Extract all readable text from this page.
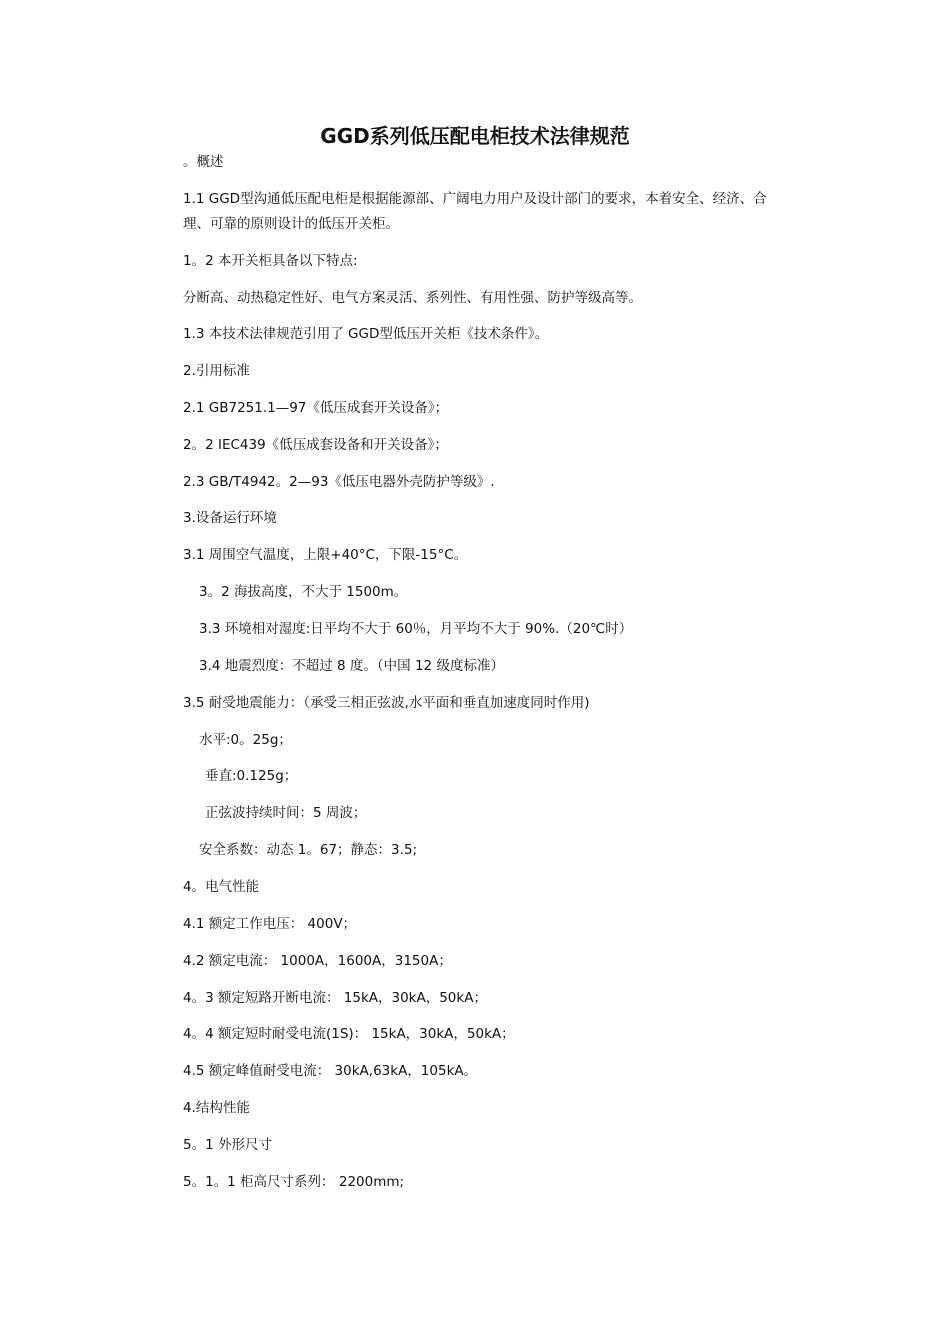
GGD系列低压配电柜技术法律规范
。概述
1.1 GGD型沟通低压配电柜是根据能源部、广阔电力用户及设计部门的要求，本着安全、经济、合
理、可靠的原则设计的低压开关柜。
1。2 本开关柜具备以下特点:
分断高、动热稳定性好、电气方案灵活、系列性、有用性强、防护等级高等。
1.3 本技术法律规范引用了 GGD型低压开关柜《技术条件》。
2.引用标准
2.1 GB7251.1—97《低压成套开关设备》；
2。2 IEC439《低压成套设备和开关设备》；
2.3 GB/T4942。2—93《低压电器外壳防护等级》.
3.设备运行环境
3.1 周围空气温度，上限+40°C，下限-15°C。
3。2 海拔高度，不大于 1500m。
3.3 环境相对湿度:日平均不大于 60％，月平均不大于 90%.（20℃时）
3.4 地震烈度：不超过 8 度。（中国 12 级度标准）
3.5 耐受地震能力：（承受三相正弦波,水平面和垂直加速度同时作用)
水平:0。25g；
垂直:0.125g；
正弦波持续时间：5 周波；
安全系数：动态 1。67；静态：3.5;
4。电气性能
4.1 额定工作电压： 400V；
4.2 额定电流： 1000A，1600A，3150A；
4。3 额定短路开断电流： 15kA，30kA，50kA；
4。4 额定短时耐受电流(1S)： 15kA，30kA，50kA；
4.5 额定峰值耐受电流： 30kA,63kA，105kA。
4.结构性能
5。1 外形尺寸
5。1。1 柜高尺寸系列： 2200mm;
